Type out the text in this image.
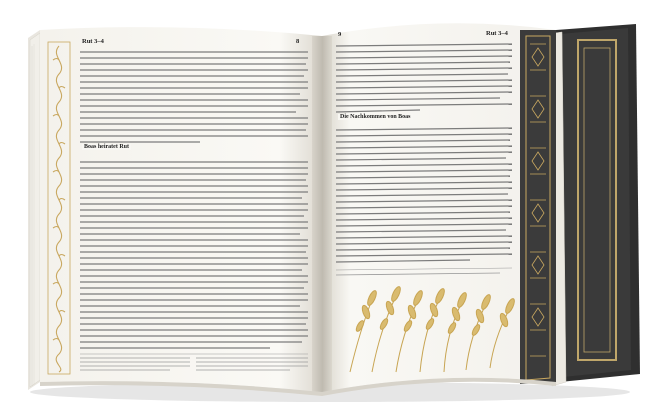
Rut 3–4	8
Boas heiratet Rut
9	Rut 3–4
Die Nachkommen von Boas
